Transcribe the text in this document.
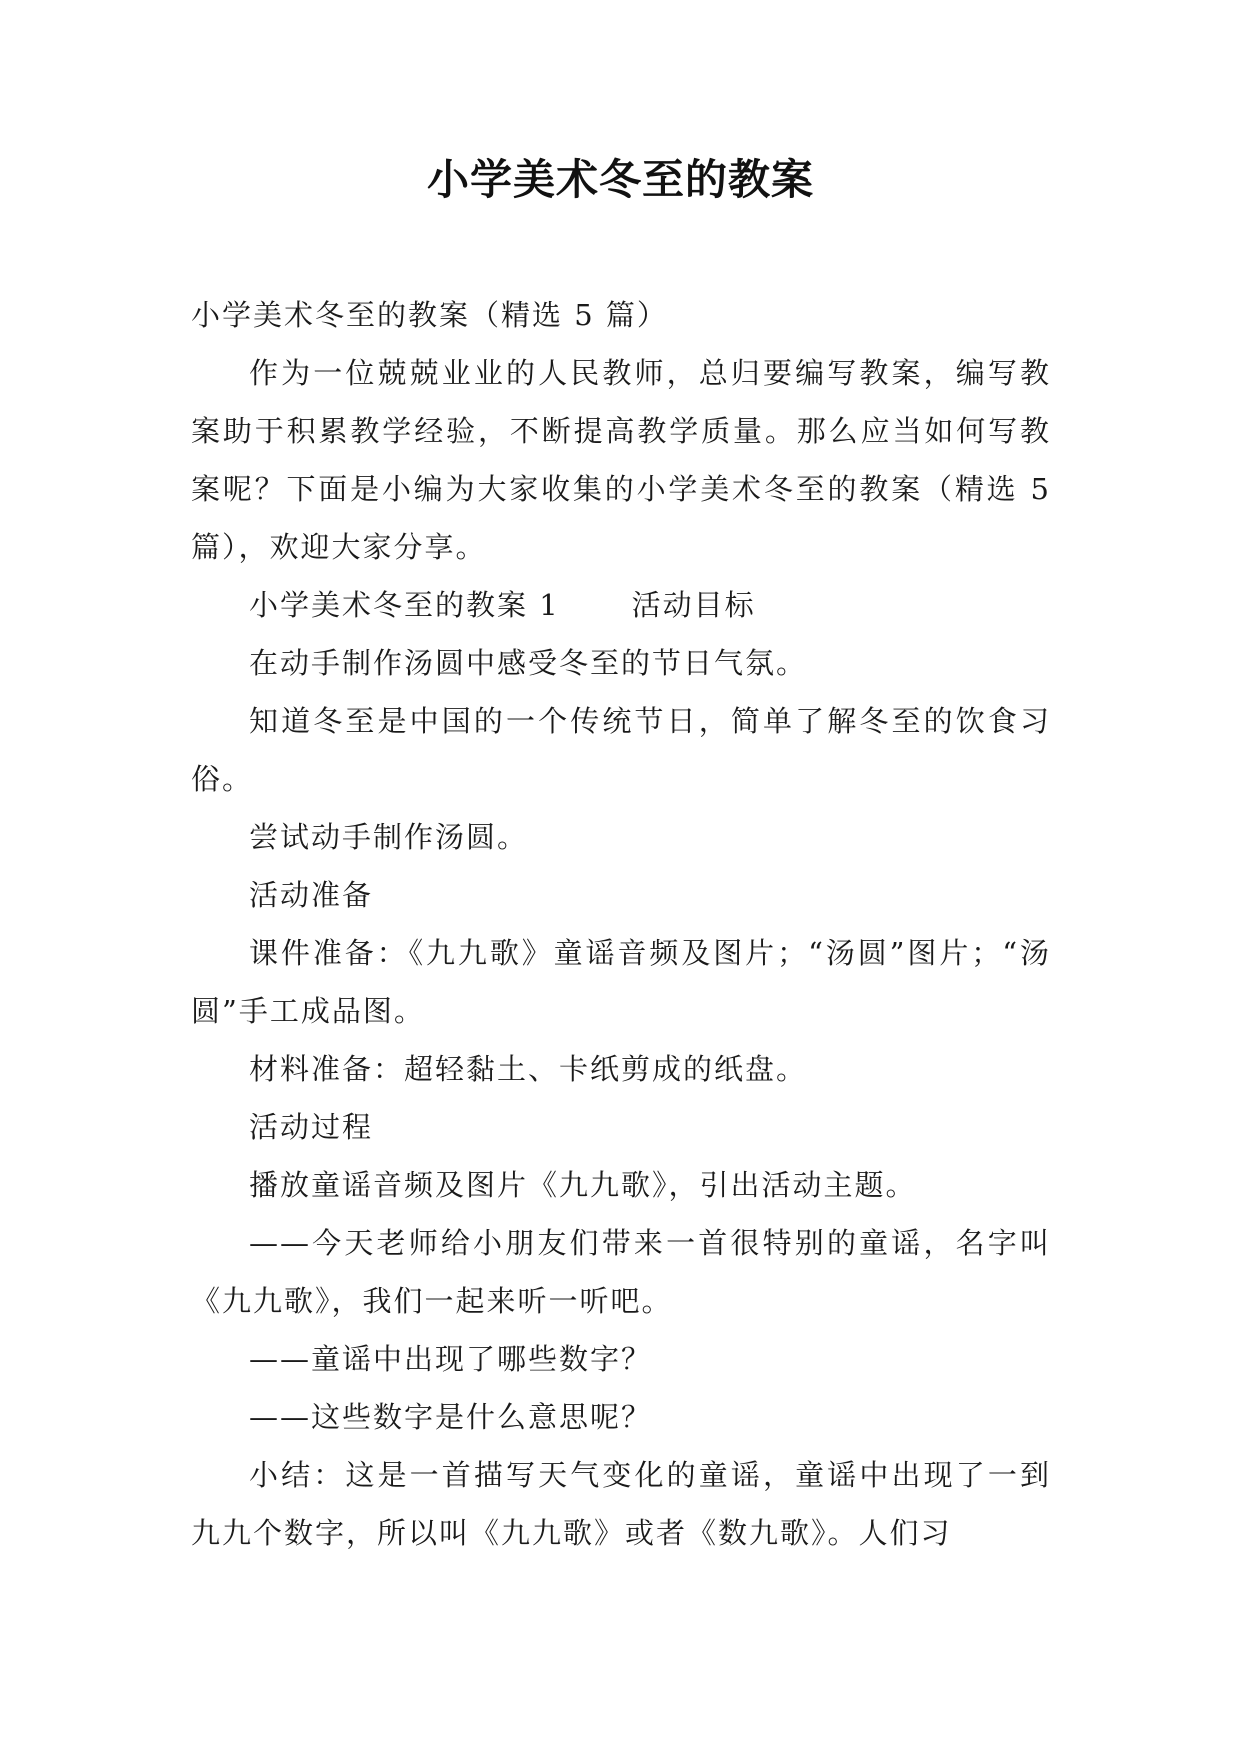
小学美术冬至的教案

小学美术冬至的教案（精选 5 篇）

作为一位兢兢业业的人民教师，总归要编写教案，编写教案助于积累教学经验，不断提高教学质量。那么应当如何写教案呢？下面是小编为大家收集的小学美术冬至的教案（精选 5 篇），欢迎大家分享。

小学美术冬至的教案 1 活动目标

在动手制作汤圆中感受冬至的节日气氛。

知道冬至是中国的一个传统节日，简单了解冬至的饮食习俗。

尝试动手制作汤圆。

活动准备

课件准备：《九九歌》童谣音频及图片；“汤圆”图片；“汤圆”手工成品图。

材料准备：超轻黏土、卡纸剪成的纸盘。

活动过程

播放童谣音频及图片《九九歌》，引出活动主题。

——今天老师给小朋友们带来一首很特别的童谣，名字叫《九九歌》，我们一起来听一听吧。

——童谣中出现了哪些数字？

——这些数字是什么意思呢？

小结：这是一首描写天气变化的童谣，童谣中出现了一到九九个数字，所以叫《九九歌》或者《数九歌》。人们习
